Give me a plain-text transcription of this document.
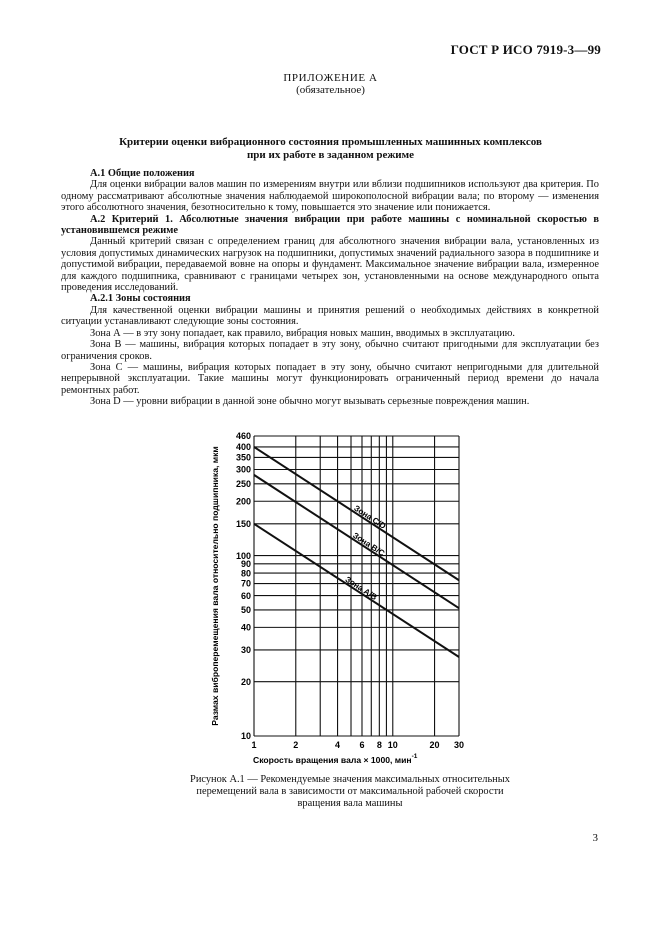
ГОСТ Р ИСО 7919-3—99
ПРИЛОЖЕНИЕ А
(обязательное)
Критерии оценки вибрационного состояния промышленных машинных комплексов
при их работе в заданном режиме
А.1 Общие положения
Для оценки вибрации валов машин по измерениям внутри или вблизи подшипников используют два критерия. По одному рассматривают абсолютные значения наблюдаемой широкополосной вибрации вала; по второму — изменения этого абсолютного значения, безотносительно к тому, повышается это значение или понижается.
А.2 Критерий 1. Абсолютные значения вибрации при работе машины с номинальной скоростью в установившемся режиме
Данный критерий связан с определением границ для абсолютного значения вибрации вала, установленных из условия допустимых динамических нагрузок на подшипники, допустимых значений радиального зазора в подшипнике и допустимой вибрации, передаваемой вовне на опоры и фундамент. Максимальное значение вибрации вала, измеренное для каждого подшипника, сравнивают с границами четырех зон, установленными на основе международного опыта проведения исследований.
А.2.1 Зоны состояния
Для качественной оценки вибрации машины и принятия решений о необходимых действиях в конкретной ситуации устанавливают следующие зоны состояния.
Зона А — в эту зону попадает, как правило, вибрация новых машин, вводимых в эксплуатацию.
Зона В — машины, вибрация которых попадает в эту зону, обычно считают пригодными для эксплуатации без ограничения сроков.
Зона С — машины, вибрация которых попадает в эту зону, обычно считают непригодными для длительной непрерывной эксплуатации. Такие машины могут функционировать ограниченный период времени до начала ремонтных работ.
Зона D — уровни вибрации в данной зоне обычно могут вызывать серьезные повреждения машин.
Зона A/B
Зона B/C
Зона C/D
1	2	4 6 8 10	20 30
10
20
30
40
50
60
70
80
90
100
150
200
250
300
350
400
460
Скорость вращения вала × 1000, мин$^{-1}$
Размах виброперемещения вала относительно подшипника, мкм
Рисунок А.1 — Рекомендуемые значения максимальных относительных
перемещений вала в зависимости от максимальной рабочей скорости
вращения вала машины
3
